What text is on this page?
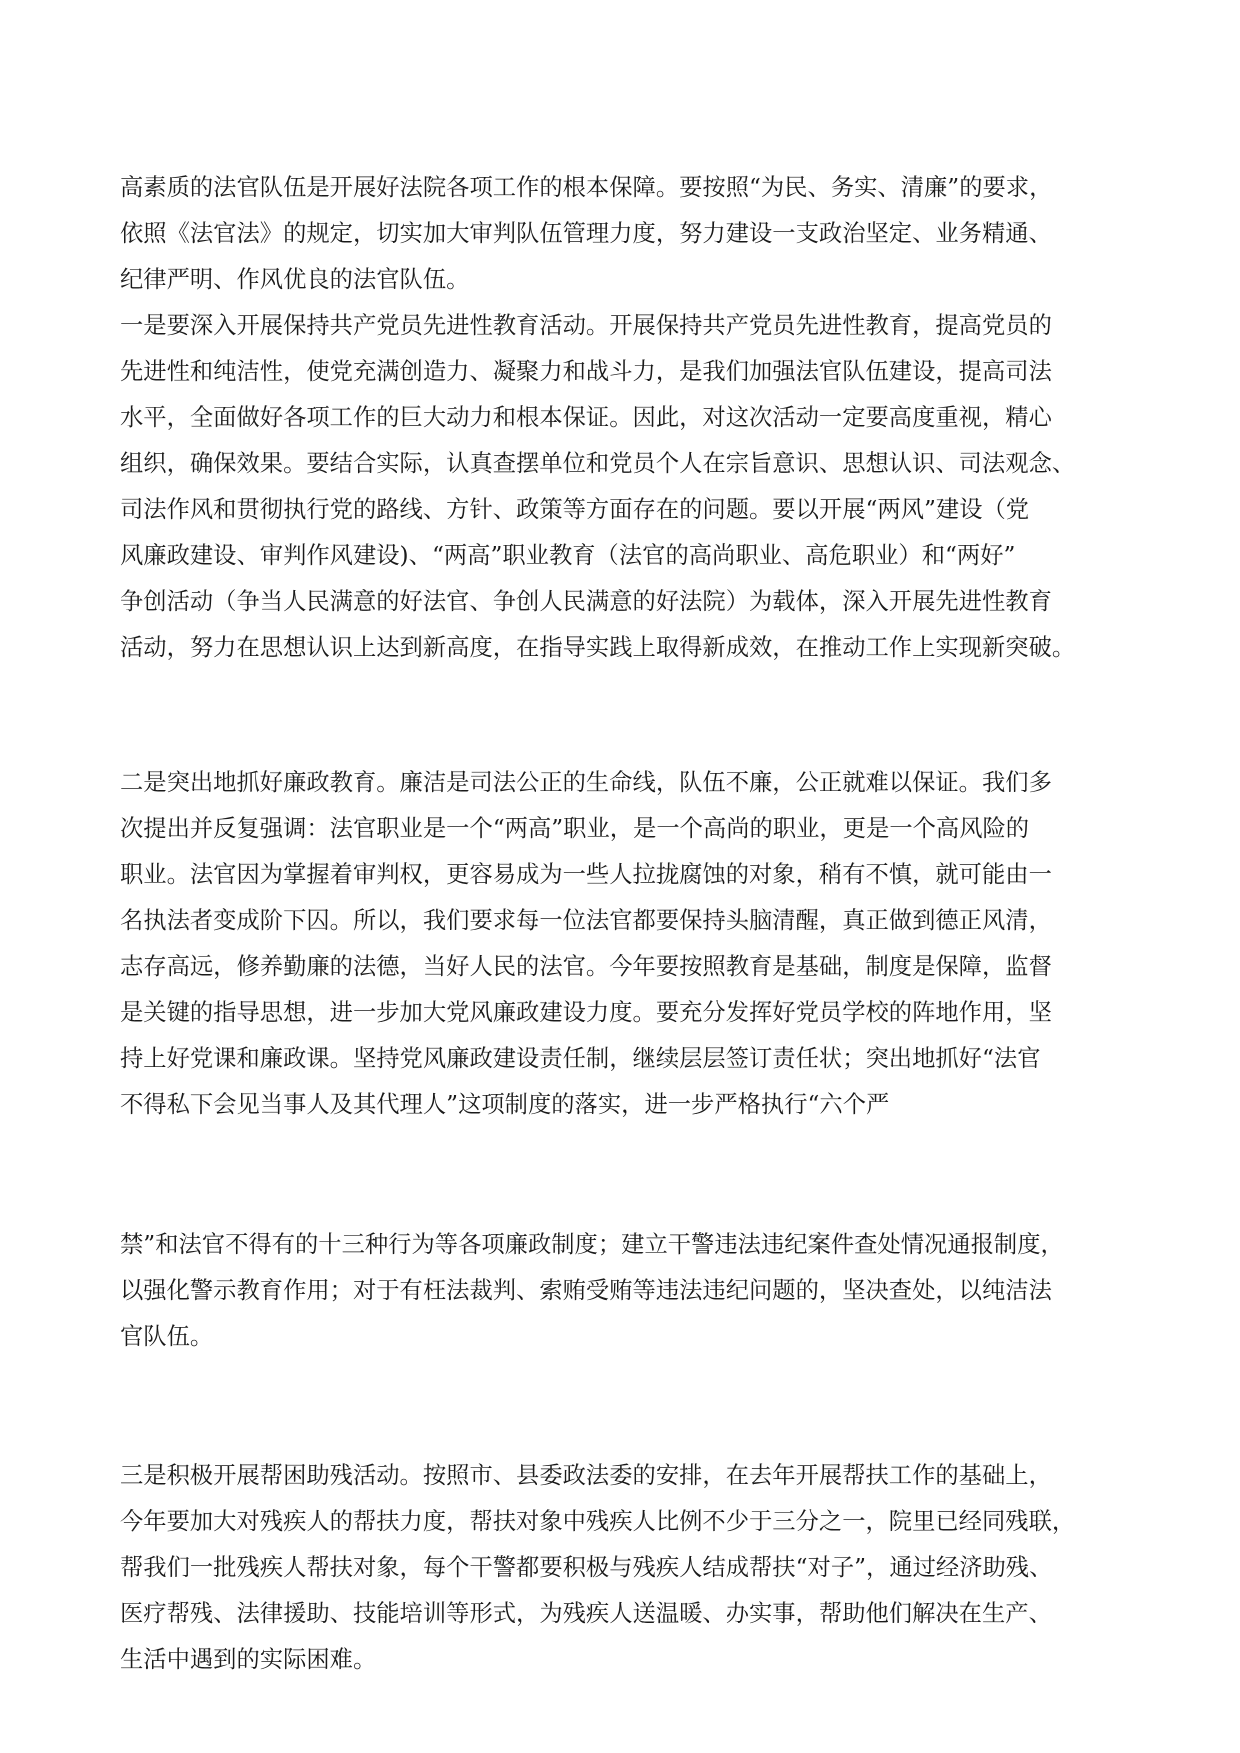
高素质的法官队伍是开展好法院各项工作的根本保障。要按照“为民、务实、清廉”的要求，
依照《法官法》的规定，切实加大审判队伍管理力度，努力建设一支政治坚定、业务精通、
纪律严明、作风优良的法官队伍。
一是要深入开展保持共产党员先进性教育活动。开展保持共产党员先进性教育，提高党员的
先进性和纯洁性，使党充满创造力、凝聚力和战斗力，是我们加强法官队伍建设，提高司法
水平，全面做好各项工作的巨大动力和根本保证。因此，对这次活动一定要高度重视，精心
组织，确保效果。要结合实际，认真查摆单位和党员个人在宗旨意识、思想认识、司法观念、
司法作风和贯彻执行党的路线、方针、政策等方面存在的问题。要以开展“两风”建设（党
风廉政建设、审判作风建设)、“两高”职业教育（法官的高尚职业、高危职业）和“两好”
争创活动（争当人民满意的好法官、争创人民满意的好法院）为载体，深入开展先进性教育
活动，努力在思想认识上达到新高度，在指导实践上取得新成效，在推动工作上实现新突破。
二是突出地抓好廉政教育。廉洁是司法公正的生命线，队伍不廉，公正就难以保证。我们多
次提出并反复强调：法官职业是一个“两高”职业，是一个高尚的职业，更是一个高风险的
职业。法官因为掌握着审判权，更容易成为一些人拉拢腐蚀的对象，稍有不慎，就可能由一
名执法者变成阶下囚。所以，我们要求每一位法官都要保持头脑清醒，真正做到德正风清，
志存高远，修养勤廉的法德，当好人民的法官。今年要按照教育是基础，制度是保障，监督
是关键的指导思想，进一步加大党风廉政建设力度。要充分发挥好党员学校的阵地作用，坚
持上好党课和廉政课。坚持党风廉政建设责任制，继续层层签订责任状；突出地抓好“法官
不得私下会见当事人及其代理人”这项制度的落实，进一步严格执行“六个严
禁”和法官不得有的十三种行为等各项廉政制度；建立干警违法违纪案件查处情况通报制度，
以强化警示教育作用；对于有枉法裁判、索贿受贿等违法违纪问题的，坚决查处，以纯洁法
官队伍。
三是积极开展帮困助残活动。按照市、县委政法委的安排，在去年开展帮扶工作的基础上，
今年要加大对残疾人的帮扶力度，帮扶对象中残疾人比例不少于三分之一，院里已经同残联，
帮我们一批残疾人帮扶对象，每个干警都要积极与残疾人结成帮扶“对子”，通过经济助残、
医疗帮残、法律援助、技能培训等形式，为残疾人送温暖、办实事，帮助他们解决在生产、
生活中遇到的实际困难。
